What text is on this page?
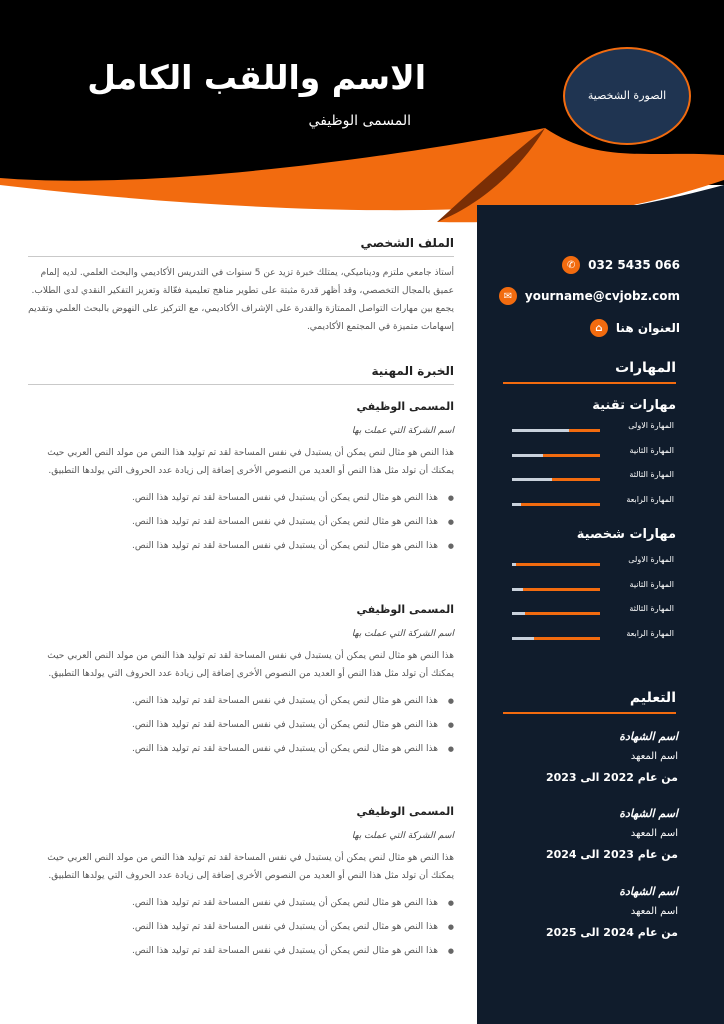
الاسم واللقب الكامل
المسمى الوظيفي
الصورة الشخصية
032 5435 066
✆
yourname@cvjobz.com
✉
العنوان هنا
⌂
المهارات
مهارات تقنية
المهارة الاولى
المهارة الثانية
المهارة الثالثة
المهارة الرابعة
مهارات شخصية
المهارة الاولى
المهارة الثانية
المهارة الثالثة
المهارة الرابعة
التعليم
اسم الشهادة
اسم المعهد
من عام 2022 الى 2023
اسم الشهادة
اسم المعهد
من عام 2023 الى 2024
اسم الشهادة
اسم المعهد
من عام 2024 الى 2025
الملف الشخصي
أستاذ جامعي ملتزم وديناميكي، يمتلك خبرة تزيد عن 5 سنوات في التدريس الأكاديمي والبحث العلمي. لديه إلمام عميق بالمجال التخصصي، وقد أظهر قدرة مثبتة على تطوير مناهج تعليمية فعّالة وتعزيز التفكير النقدي لدى الطلاب. يجمع بين مهارات التواصل الممتازة والقدرة على الإشراف الأكاديمي، مع التركيز على النهوض بالبحث العلمي وتقديم إسهامات متميزة في المجتمع الأكاديمي.
الخبرة المهنية
المسمى الوظيفي
اسم الشركة التي عملت بها
هذا النص هو مثال لنص يمكن أن يستبدل في نفس المساحة لقد تم توليد هذا النص من مولد النص العربي حيث يمكنك أن تولد مثل هذا النص أو العديد من النصوص الأخرى إضافة إلى زيادة عدد الحروف التي يولدها التطبيق.
● هذا النص هو مثال لنص يمكن أن يستبدل في نفس المساحة لقد تم توليد هذا النص.
● هذا النص هو مثال لنص يمكن أن يستبدل في نفس المساحة لقد تم توليد هذا النص.
● هذا النص هو مثال لنص يمكن أن يستبدل في نفس المساحة لقد تم توليد هذا النص.
المسمى الوظيفي
اسم الشركة التي عملت بها
هذا النص هو مثال لنص يمكن أن يستبدل في نفس المساحة لقد تم توليد هذا النص من مولد النص العربي حيث يمكنك أن تولد مثل هذا النص أو العديد من النصوص الأخرى إضافة إلى زيادة عدد الحروف التي يولدها التطبيق.
● هذا النص هو مثال لنص يمكن أن يستبدل في نفس المساحة لقد تم توليد هذا النص.
● هذا النص هو مثال لنص يمكن أن يستبدل في نفس المساحة لقد تم توليد هذا النص.
● هذا النص هو مثال لنص يمكن أن يستبدل في نفس المساحة لقد تم توليد هذا النص.
المسمى الوظيفي
اسم الشركة التي عملت بها
هذا النص هو مثال لنص يمكن أن يستبدل في نفس المساحة لقد تم توليد هذا النص من مولد النص العربي حيث يمكنك أن تولد مثل هذا النص أو العديد من النصوص الأخرى إضافة إلى زيادة عدد الحروف التي يولدها التطبيق.
● هذا النص هو مثال لنص يمكن أن يستبدل في نفس المساحة لقد تم توليد هذا النص.
● هذا النص هو مثال لنص يمكن أن يستبدل في نفس المساحة لقد تم توليد هذا النص.
● هذا النص هو مثال لنص يمكن أن يستبدل في نفس المساحة لقد تم توليد هذا النص.
